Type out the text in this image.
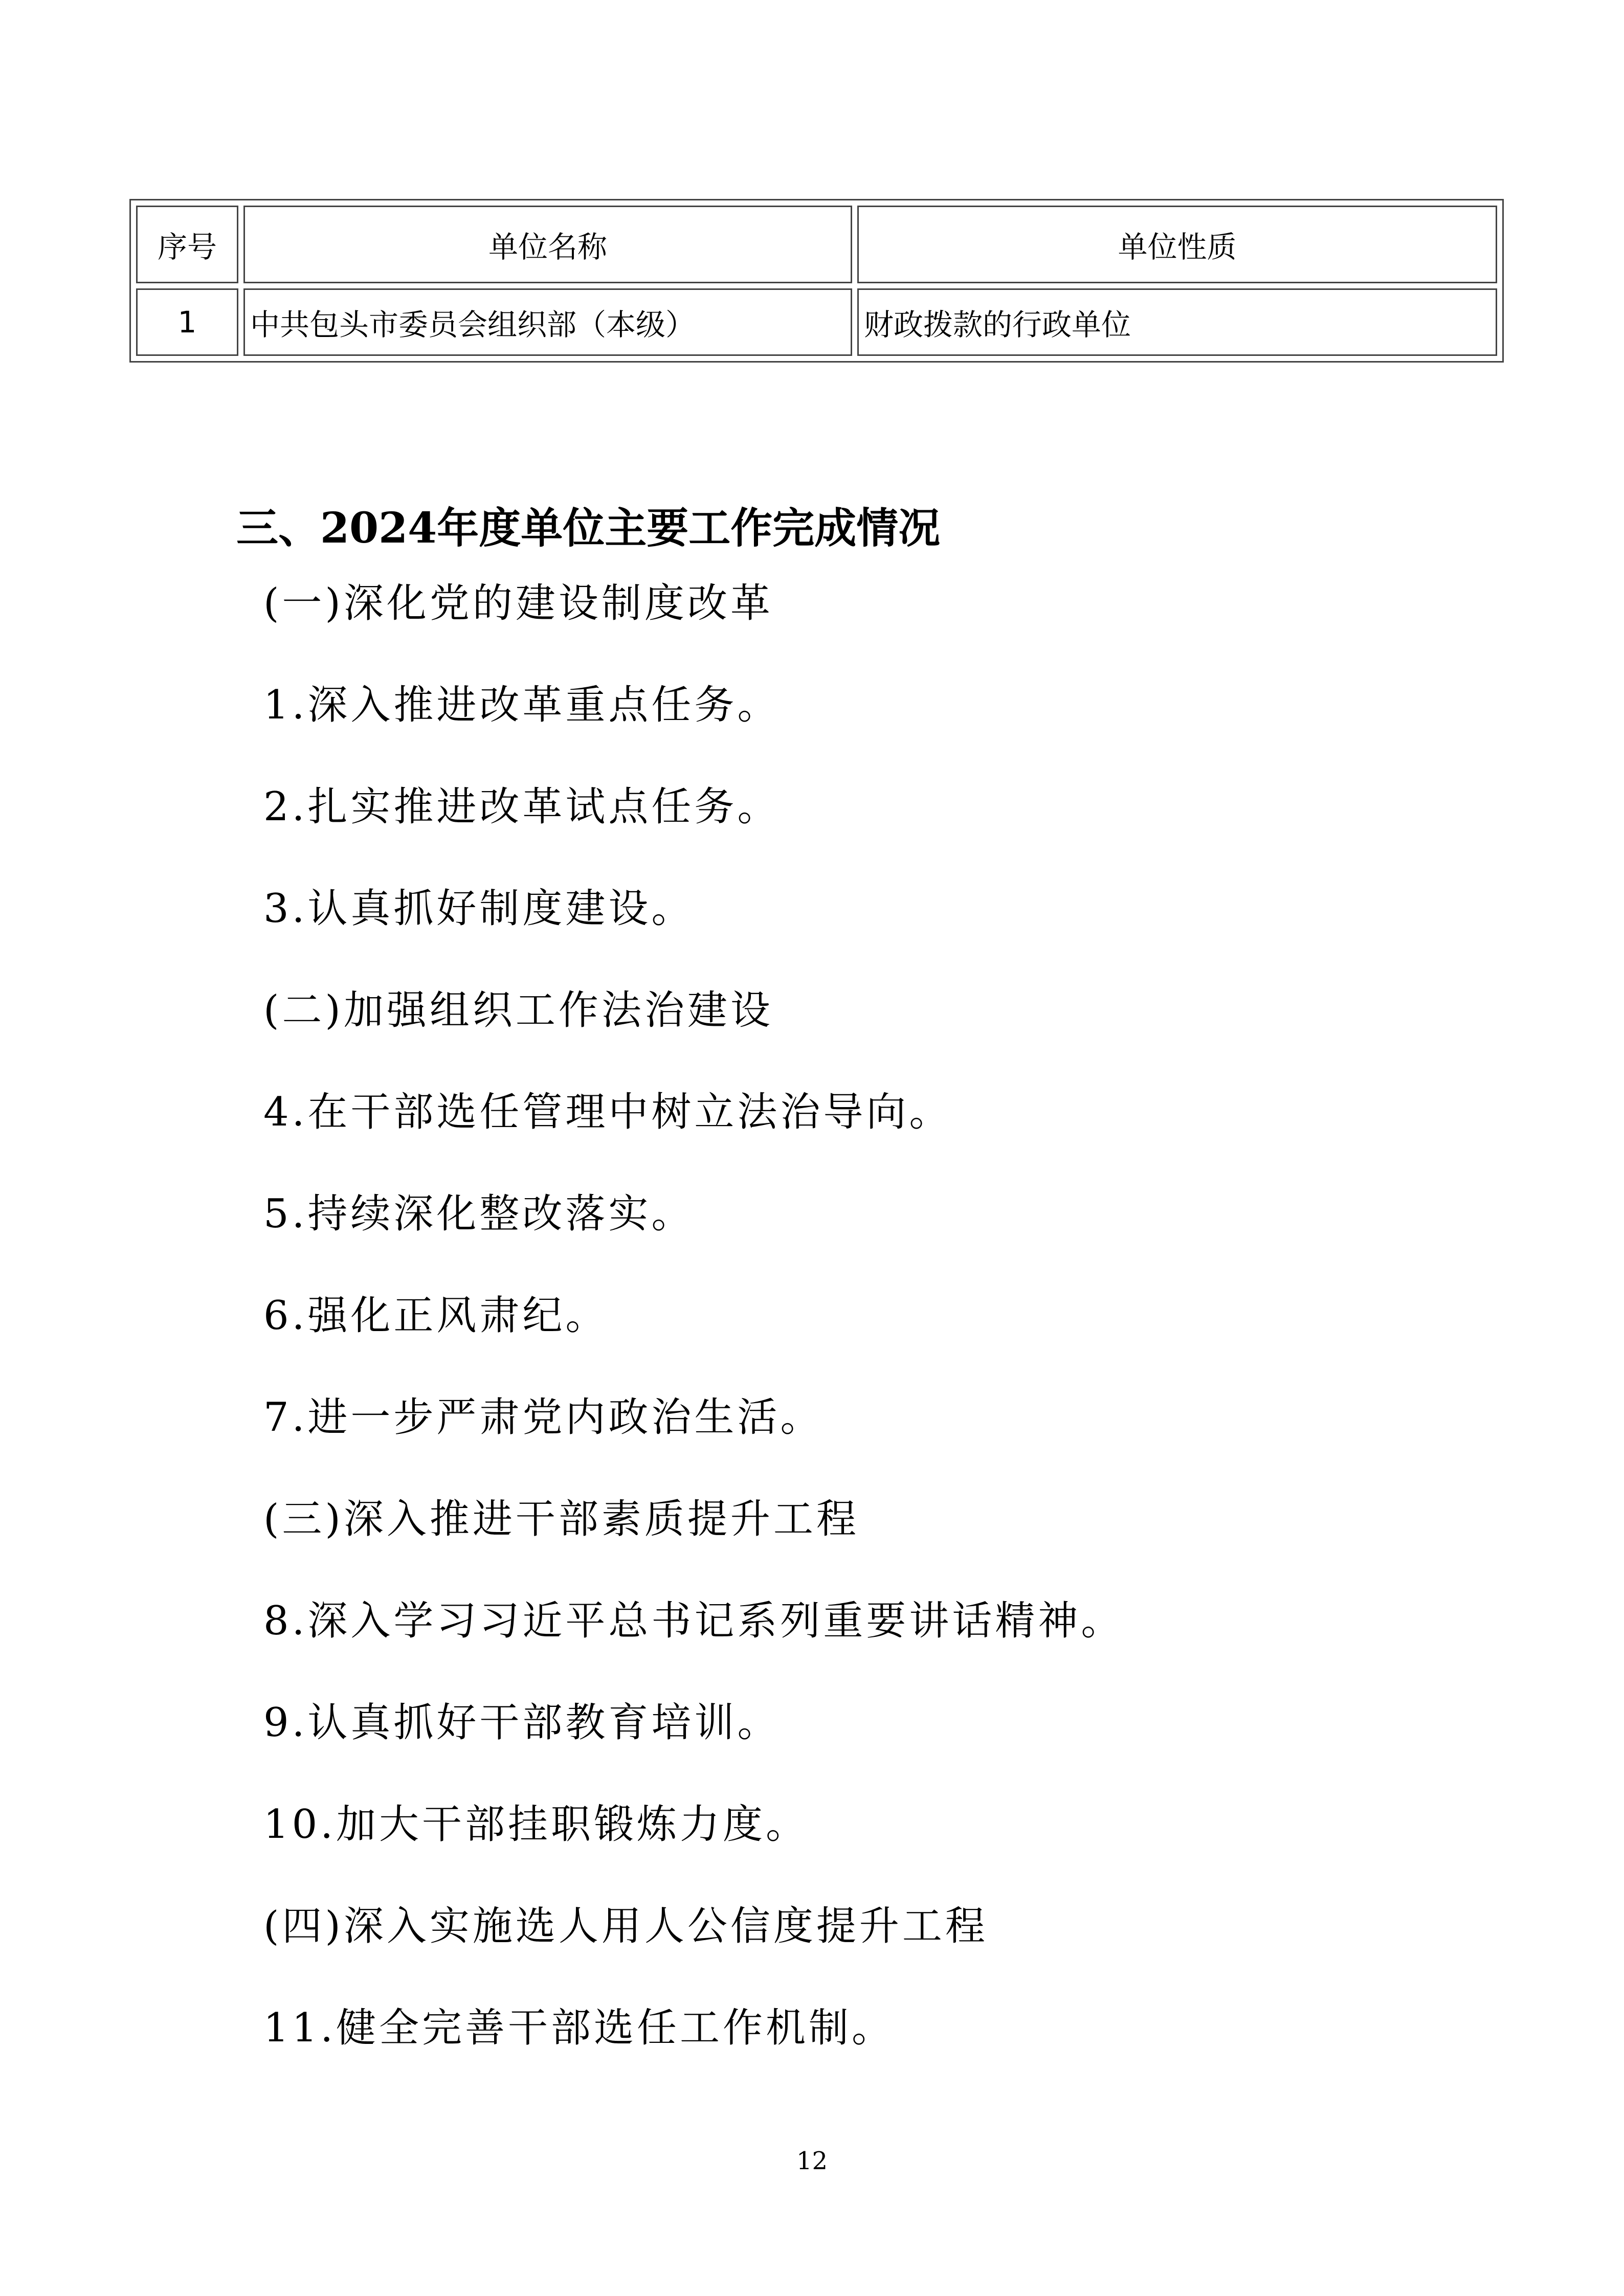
序号	单位名称	单位性质
1	中共包头市委员会组织部（本级）	财政拨款的行政单位
三、2024年度单位主要工作完成情况
(一)深化党的建设制度改革
1.深入推进改革重点任务。
2.扎实推进改革试点任务。
3.认真抓好制度建设。
(二)加强组织工作法治建设
4.在干部选任管理中树立法治导向。
5.持续深化整改落实。
6.强化正风肃纪。
7.进一步严肃党内政治生活。
(三)深入推进干部素质提升工程
8.深入学习习近平总书记系列重要讲话精神。
9.认真抓好干部教育培训。
10.加大干部挂职锻炼力度。
(四)深入实施选人用人公信度提升工程
11.健全完善干部选任工作机制。
12
